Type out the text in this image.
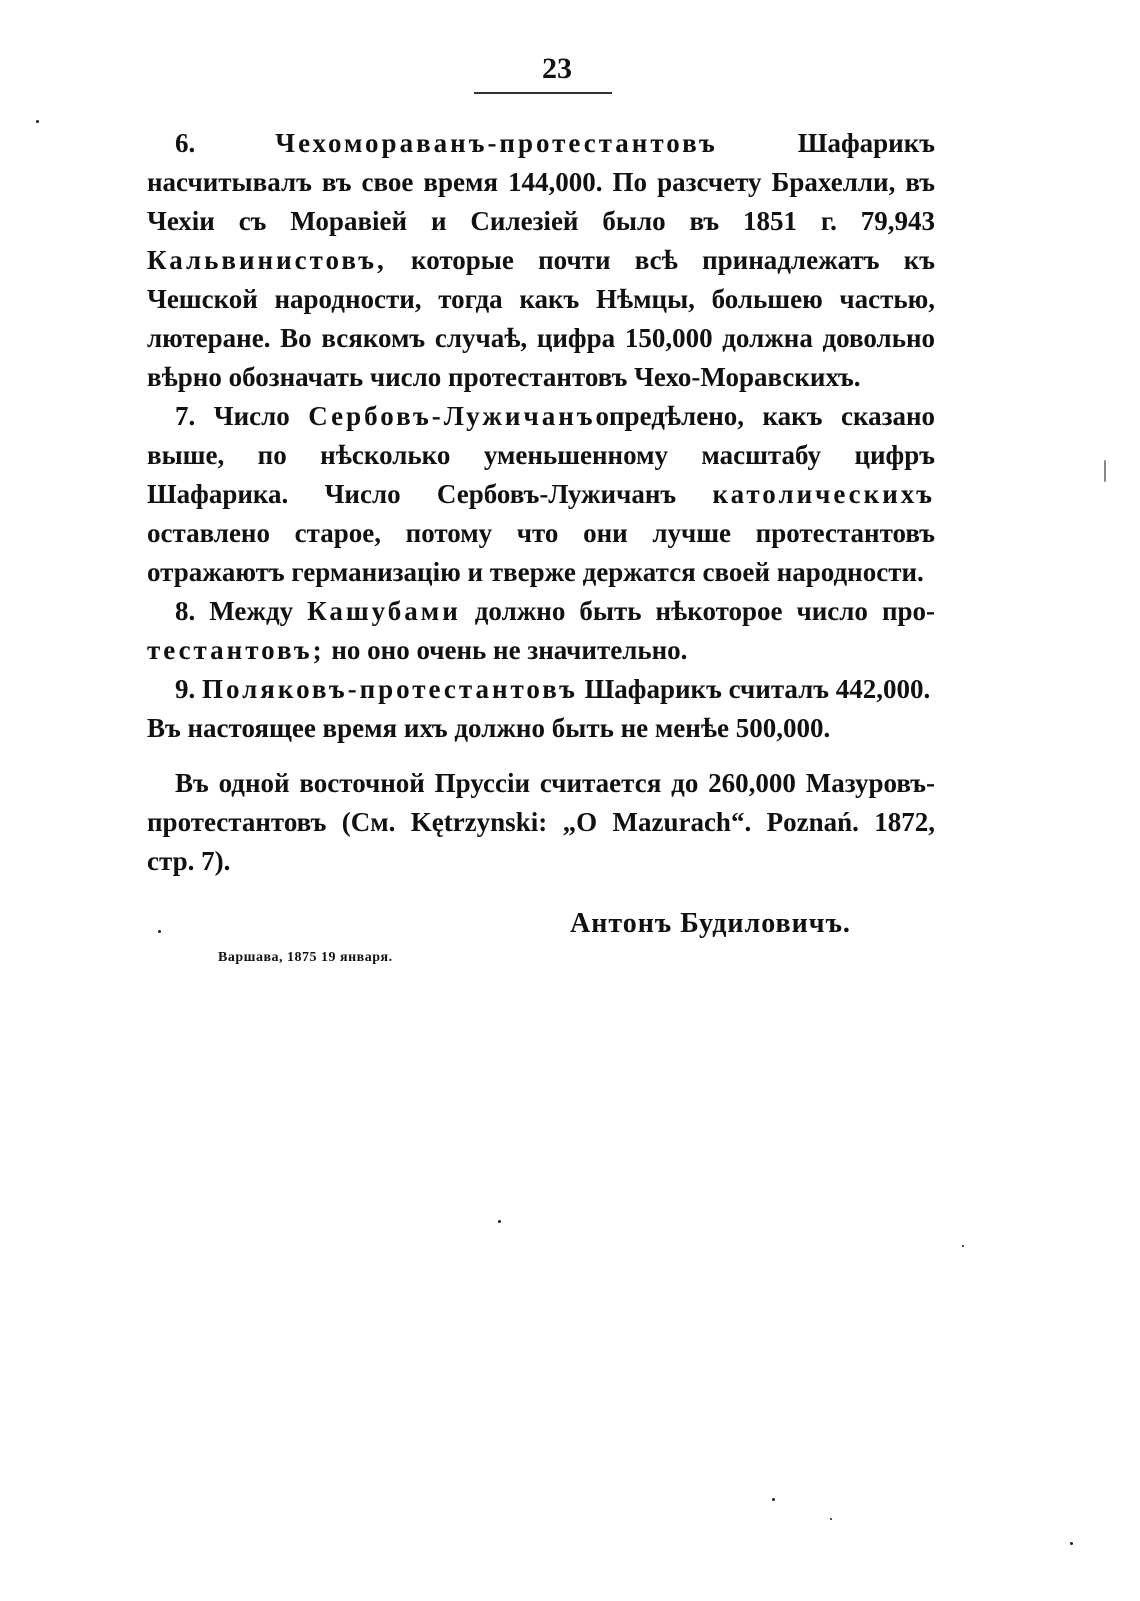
23

6.	Чехомораванъ-протестантовъ	Шафарикъ насчитывалъ въ свое время 144,000. По разсчету Брахелли, въ Чехіи съ Моравіей и Силезіей было въ 1851 г. 79,943 Кальвинистовъ, которые почти всѣ принадлежатъ къ Чешской народности, тогда какъ Нѣмцы, большею частью, лютеране. Во всякомъ случаѣ, цифра 150,000 должна довольно вѣрно обозначать число протестантовъ Чехо-Моравскихъ.

7. Число Сербовъ-Лужичанъопредѣлено, какъ сказано выше, по нѣсколько уменьшенному масштабу цифръ Шафарика. Число Сербовъ-Лужичанъ католическихъ оставлено старое, потому что они лучше протестантовъ отражаютъ германизацію и тверже держатся своей народности.

8. Между Кашубами должно быть нѣкоторое число про- тестантовъ; но оно очень не значительно.

9. Поляковъ-протестантовъ Шафарикъ считалъ 442,000. Въ настоящее время ихъ должно быть не менѣе 500,000.

Въ одной восточной Пруссіи считается до 260,000 Мазуровъ-протестантовъ (См. Kętrzynski: „O Mazurach“. Poznań. 1872, стр. 7).

Антонъ Будиловичъ.
Варшава, 1875 19 января.
